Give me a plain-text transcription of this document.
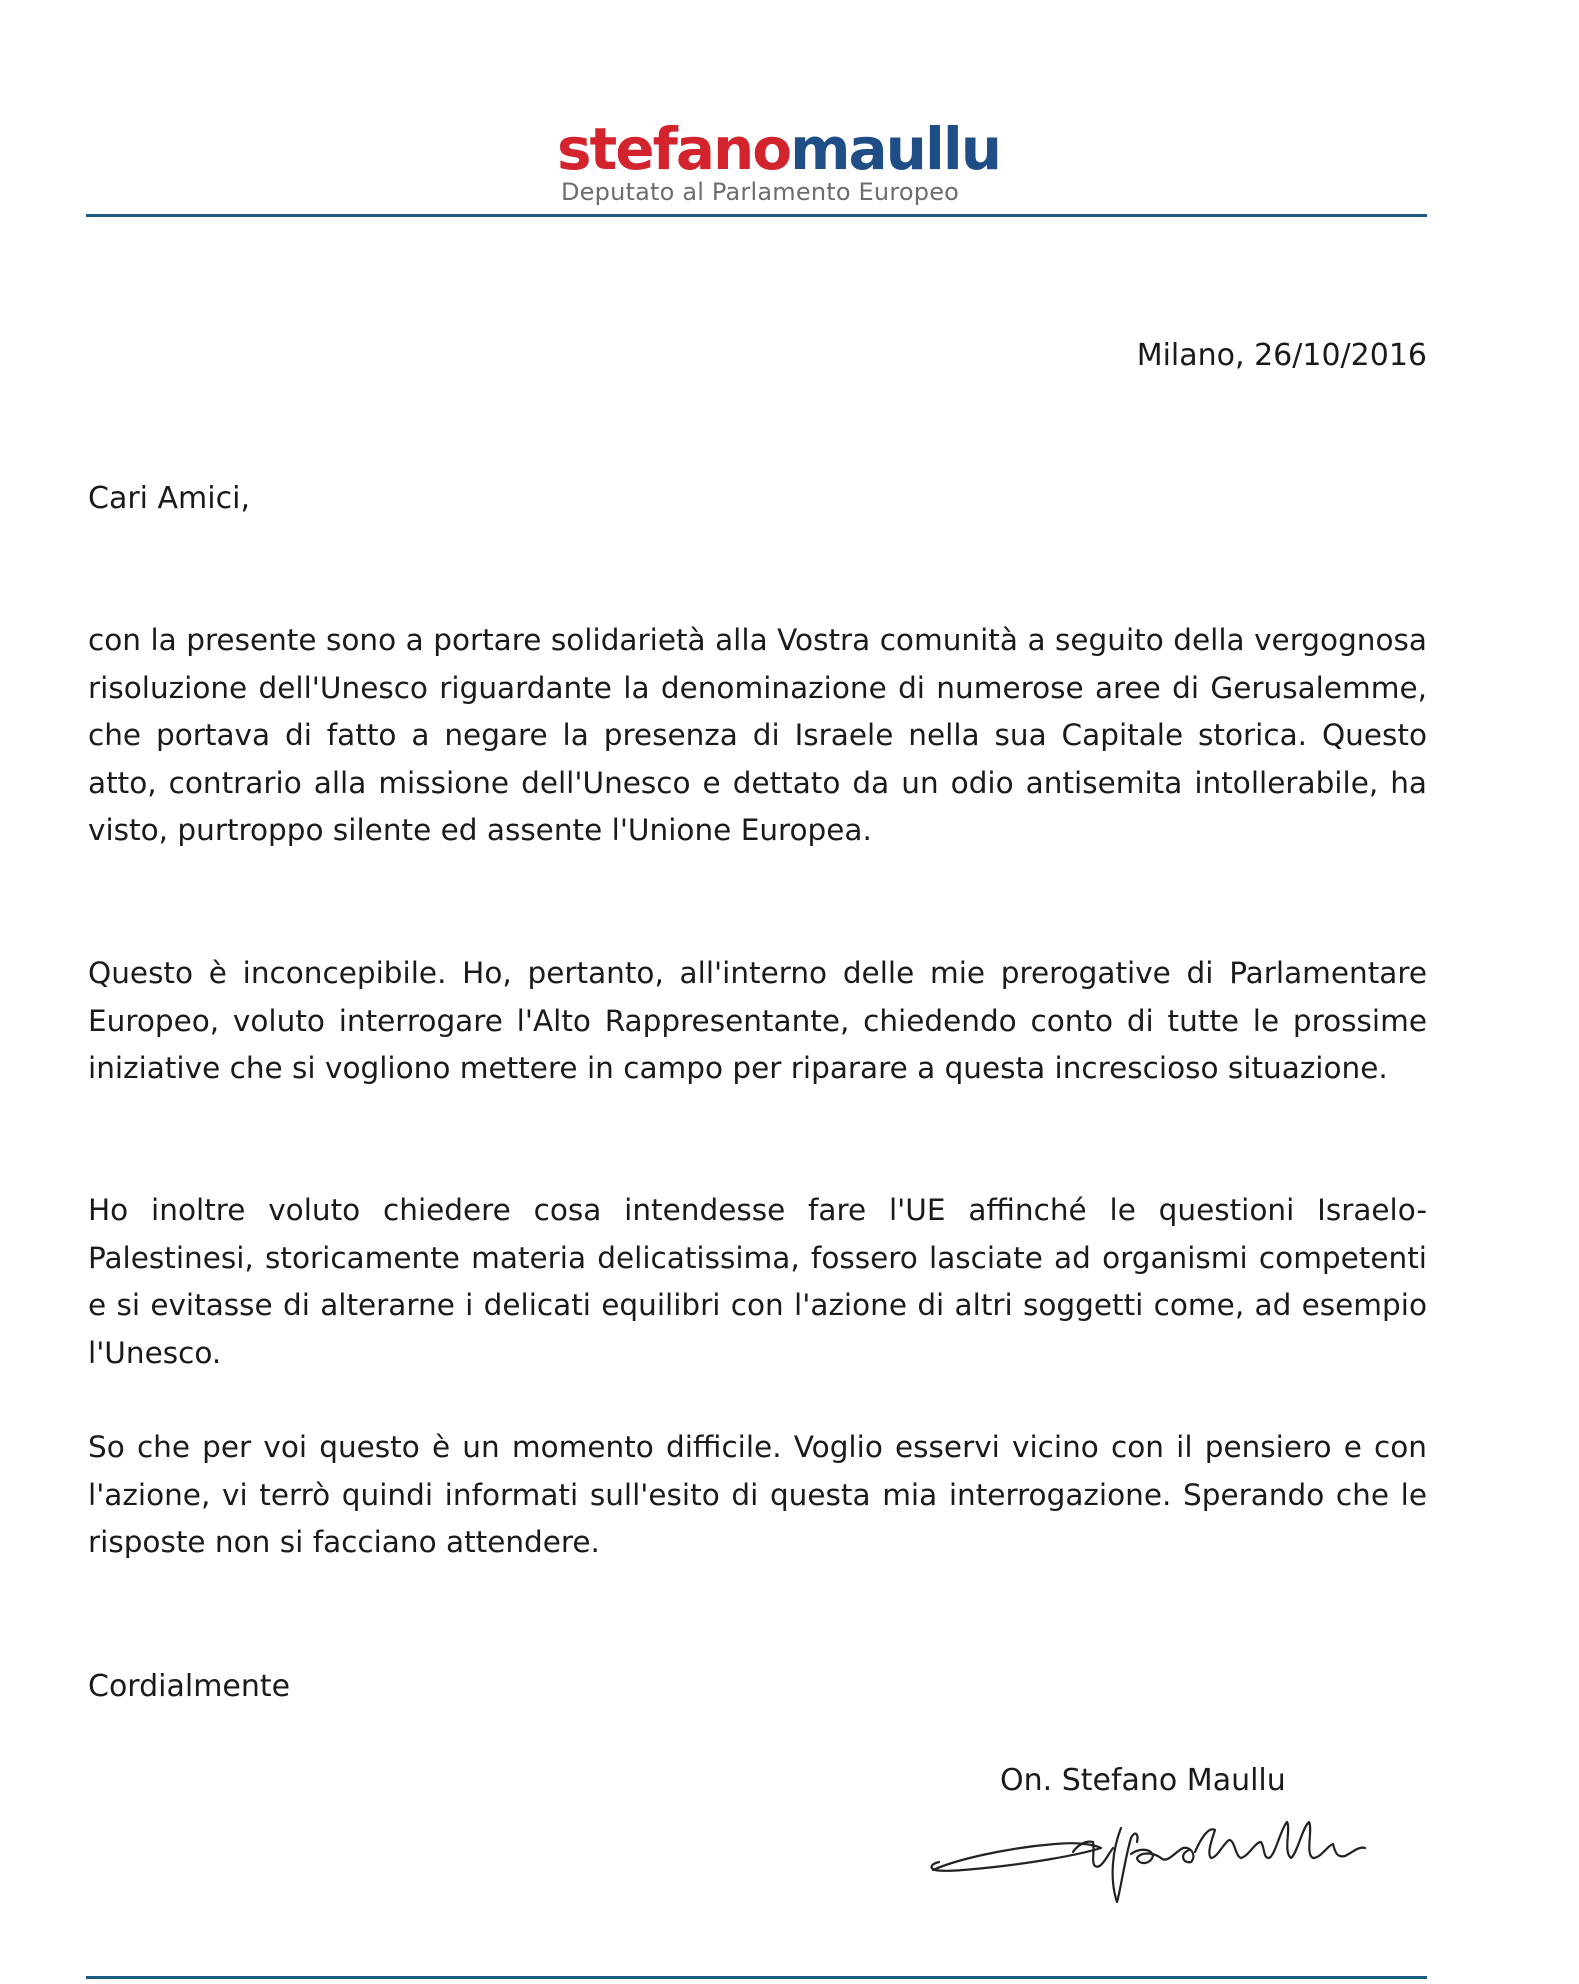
stefanomaullu
Deputato al Parlamento Europeo
Milano, 26/10/2016
Cari Amici,
con la presente sono a portare solidarietà alla Vostra comunità a seguito della vergognosa risoluzione dell'Unesco riguardante la denominazione di numerose aree di Gerusalemme, che portava di fatto a negare la presenza di Israele nella sua Capitale storica. Questo atto, contrario alla missione dell'Unesco e dettato da un odio antisemita intollerabile, ha visto, purtroppo silente ed assente l'Unione Europea.
Questo è inconcepibile. Ho, pertanto, all'interno delle mie prerogative di Parlamentare Europeo, voluto interrogare l'Alto Rappresentante, chiedendo conto di tutte le prossime iniziative che si vogliono mettere in campo per riparare a questa increscioso situazione.
Ho inoltre voluto chiedere cosa intendesse fare l'UE affinché le questioni Israelo-Palestinesi, storicamente materia delicatissima, fossero lasciate ad organismi competenti e si evitasse di alterarne i delicati equilibri con l'azione di altri soggetti come, ad esempio l'Unesco.
So che per voi questo è un momento difficile. Voglio esservi vicino con il pensiero e con l'azione, vi terrò quindi informati sull'esito di questa mia interrogazione. Sperando che le risposte non si facciano attendere.
Cordialmente
On. Stefano Maullu
